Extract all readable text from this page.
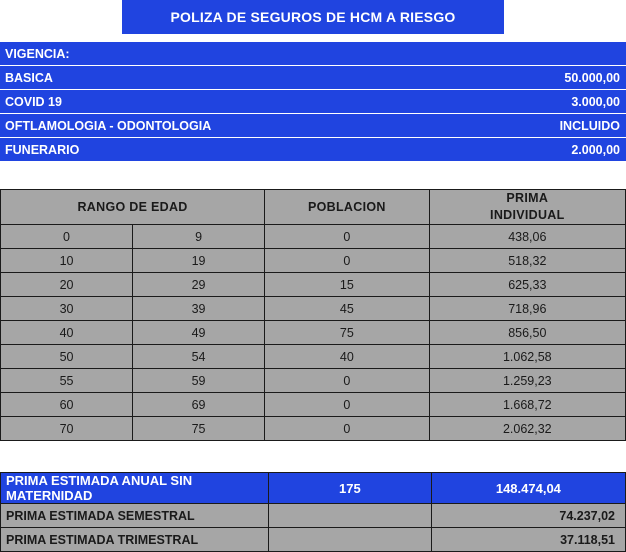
POLIZA DE SEGUROS DE HCM A RIESGO
VIGENCIA:
BASICA	50.000,00
COVID 19	3.000,00
OFTLAMOLOGIA - ODONTOLOGIA	INCLUIDO
FUNERARIO	2.000,00
RANGO DE EDAD		POBLACION	PRIMA
INDIVIDUAL

0	9	0	438,06
10	19	0	518,32
20	29	15	625,33
30	39	45	718,96
40	49	75	856,50
50	54	40	1.062,58
55	59	0	1.259,23
60	69	0	1.668,72
70	75	0	2.062,32
PRIMA ESTIMADA ANUAL SIN MATERNIDAD	175	148.474,04
PRIMA ESTIMADA SEMESTRAL		74.237,02
PRIMA ESTIMADA TRIMESTRAL		37.118,51
